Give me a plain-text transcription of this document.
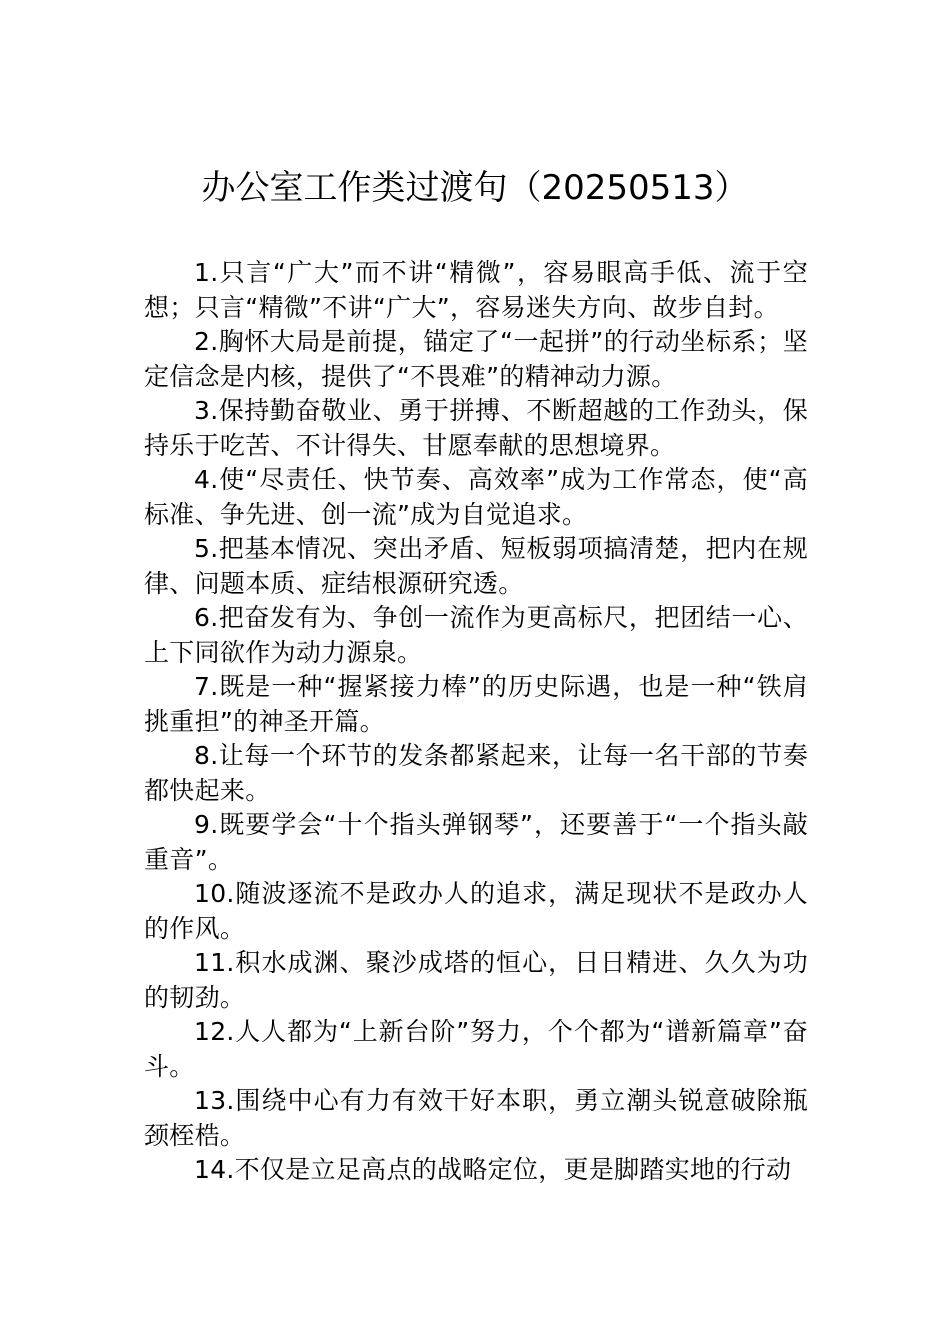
办公室工作类过渡句（20250513）

1.只言“广大”而不讲“精微”，容易眼高手低、流于空想；只言“精微”不讲“广大”，容易迷失方向、故步自封。

2.胸怀大局是前提，锚定了“一起拼”的行动坐标系；坚定信念是内核，提供了“不畏难”的精神动力源。

3.保持勤奋敬业、勇于拼搏、不断超越的工作劲头，保持乐于吃苦、不计得失、甘愿奉献的思想境界。

4.使“尽责任、快节奏、高效率”成为工作常态，使“高标准、争先进、创一流”成为自觉追求。

5.把基本情况、突出矛盾、短板弱项搞清楚，把内在规律、问题本质、症结根源研究透。

6.把奋发有为、争创一流作为更高标尺，把团结一心、上下同欲作为动力源泉。

7.既是一种“握紧接力棒”的历史际遇，也是一种“铁肩挑重担”的神圣开篇。

8.让每一个环节的发条都紧起来，让每一名干部的节奏都快起来。

9.既要学会“十个指头弹钢琴”，还要善于“一个指头敲重音”。

10.随波逐流不是政办人的追求，满足现状不是政办人的作风。

11.积水成渊、聚沙成塔的恒心，日日精进、久久为功的韧劲。

12.人人都为“上新台阶”努力，个个都为“谱新篇章”奋斗。

13.围绕中心有力有效干好本职，勇立潮头锐意破除瓶颈桎梏。

14.不仅是立足高点的战略定位，更是脚踏实地的行动
